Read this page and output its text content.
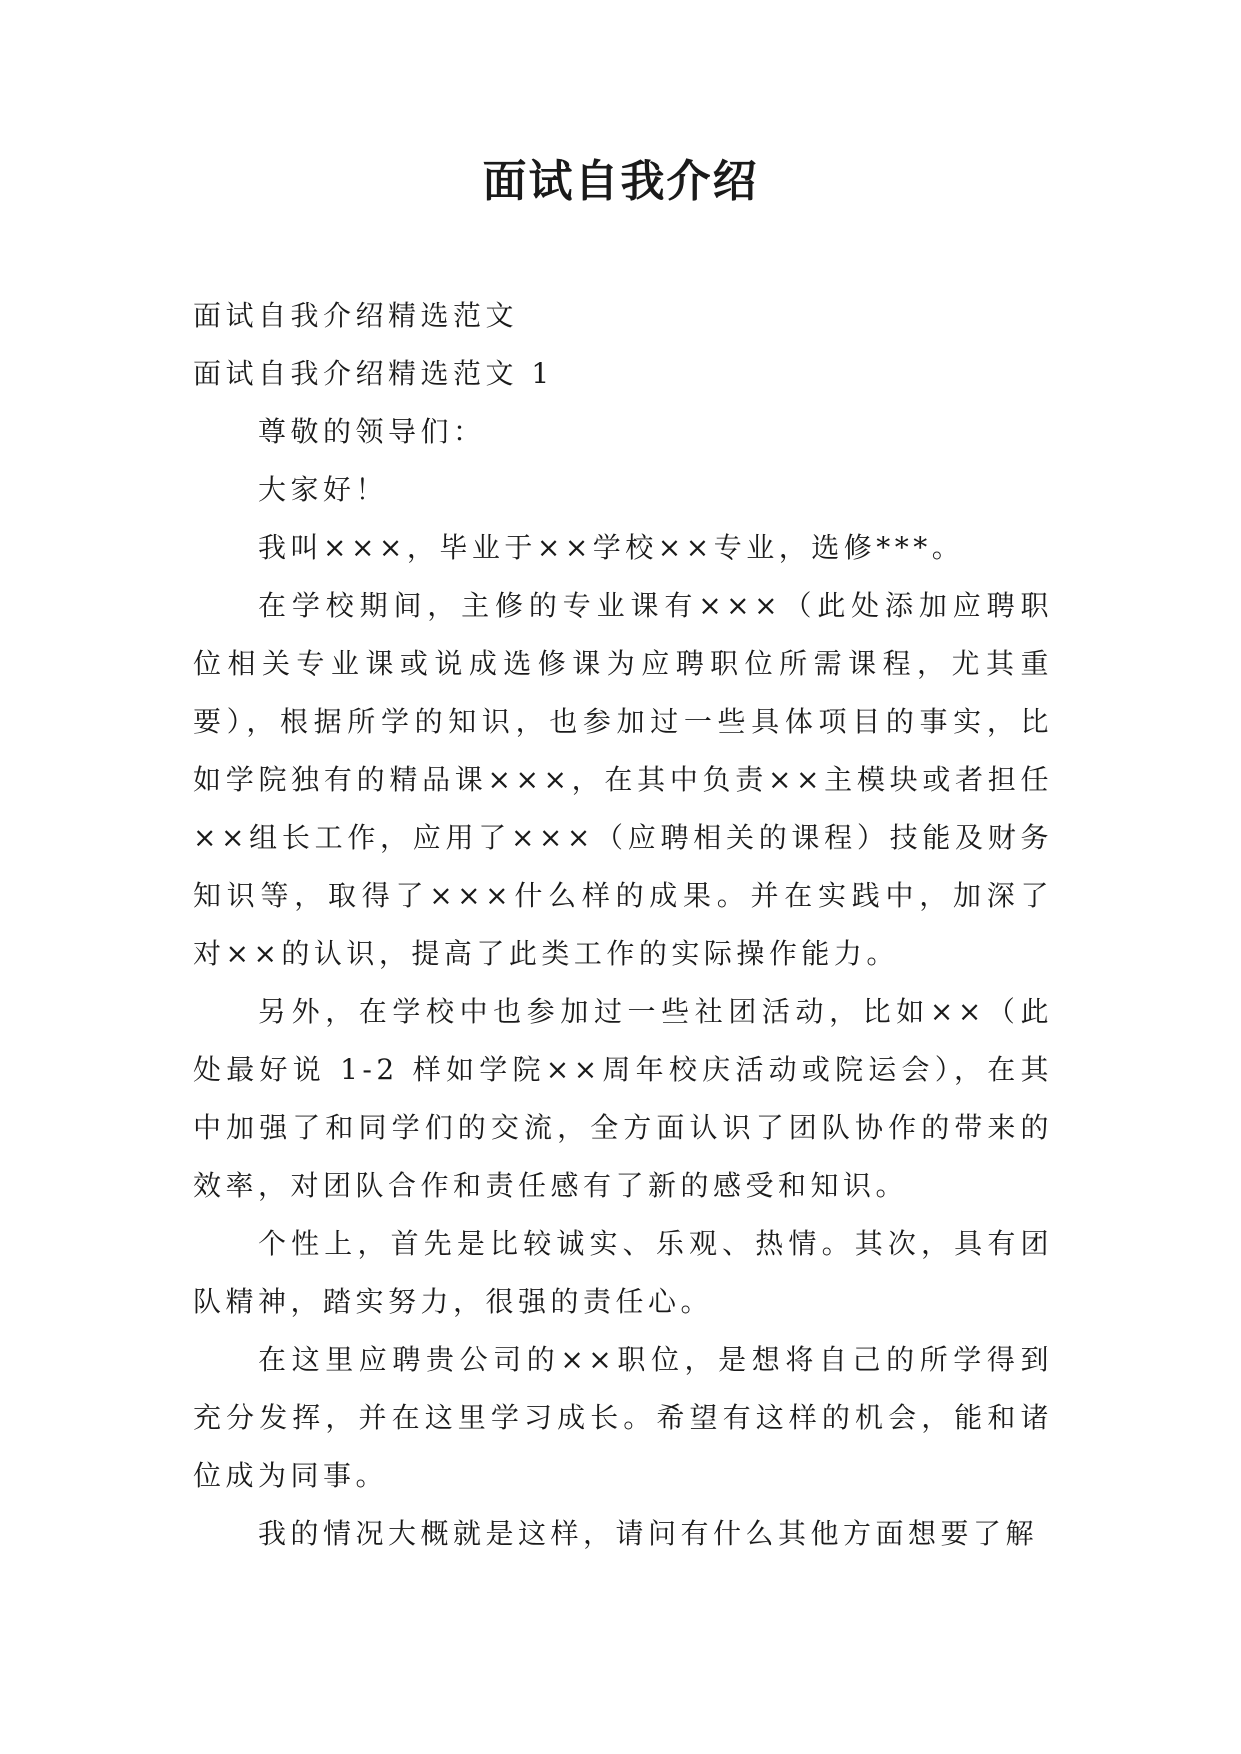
面试自我介绍

面试自我介绍精选范文

面试自我介绍精选范文 1

尊敬的领导们：

大家好！

我叫×××，毕业于××学校××专业，选修***。

在学校期间，主修的专业课有×××（此处添加应聘职位相关专业课或说成选修课为应聘职位所需课程，尤其重要），根据所学的知识，也参加过一些具体项目的事实，比如学院独有的精品课×××，在其中负责××主模块或者担任××组长工作，应用了×××（应聘相关的课程）技能及财务知识等，取得了×××什么样的成果。并在实践中，加深了对××的认识，提高了此类工作的实际操作能力。

另外，在学校中也参加过一些社团活动，比如××（此处最好说 1-2 样如学院××周年校庆活动或院运会），在其中加强了和同学们的交流，全方面认识了团队协作的带来的效率，对团队合作和责任感有了新的感受和知识。

个性上，首先是比较诚实、乐观、热情。其次，具有团队精神，踏实努力，很强的责任心。

在这里应聘贵公司的××职位，是想将自己的所学得到充分发挥，并在这里学习成长。希望有这样的机会，能和诸位成为同事。

我的情况大概就是这样，请问有什么其他方面想要了解
